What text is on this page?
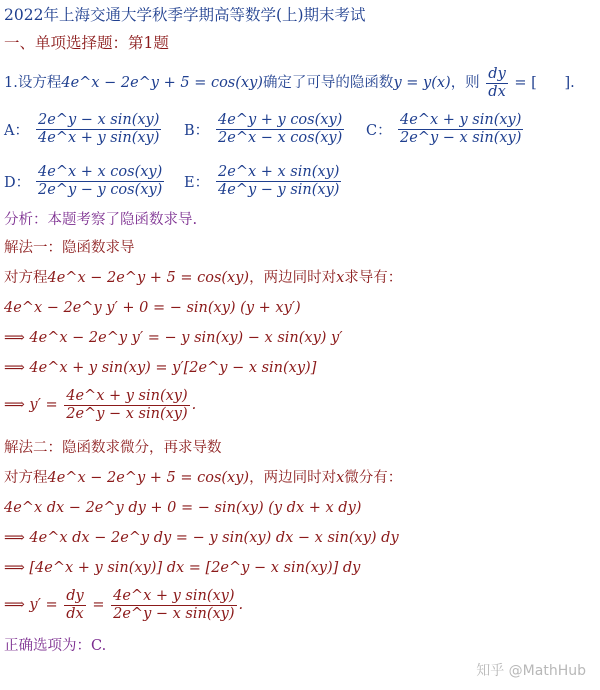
2022年上海交通大学秋季学期高等数学(上)期末考试
一、单项选择题：第1题
1.设方程4e^x − 2e^y + 5 = cos(xy)确定了可导的隐函数y = y(x)，则 $\frac{dy}{dx}$ = [      ].
A： $\frac{\text{2e\textasciicircum{}y − x sin(xy)}}{\text{4e\textasciicircum{}x + y sin(xy)}}$ B： $\frac{\text{4e\textasciicircum{}y + y cos(xy)}}{\text{2e\textasciicircum{}x − x cos(xy)}}$ C： $\frac{\text{4e\textasciicircum{}x + y sin(xy)}}{\text{2e\textasciicircum{}y − x sin(xy)}}$
D： $\frac{\text{4e\textasciicircum{}x + x cos(xy)}}{\text{2e\textasciicircum{}y − y cos(xy)}}$ E： $\frac{\text{2e\textasciicircum{}x + x sin(xy)}}{\text{4e\textasciicircum{}y − y sin(xy)}}$
分析：本题考察了隐函数求导.
解法一：隐函数求导
对方程4e^x − 2e^y + 5 = cos(xy)，两边同时对x求导有：
4e^x − 2e^y y′ + 0 = − sin(xy) (y + xy′)
⟹ 4e^x − 2e^y y′ = − y sin(xy) − x sin(xy) y′
⟹ 4e^x + y sin(xy) = y′[2e^y − x sin(xy)]
⟹ $y' = \frac{\text{4e\textasciicircum{}x + y sin(xy)}}{\text{2e\textasciicircum{}y − x sin(xy)}}$ .
解法二：隐函数求微分，再求导数
对方程4e^x − 2e^y + 5 = cos(xy)，两边同时对x微分有：
4e^x dx − 2e^y dy + 0 = − sin(xy) (y dx + x dy)
⟹ 4e^x dx − 2e^y dy = − y sin(xy) dx − x sin(xy) dy
⟹ [4e^x + y sin(xy)] dx = [2e^y − x sin(xy)] dy
⟹ $y' = \frac{dy}{dx} = \frac{\text{4e\textasciicircum{}x + y sin(xy)}}{\text{2e\textasciicircum{}y − x sin(xy)}}$ .
正确选项为：C.
知乎 @MathHub
